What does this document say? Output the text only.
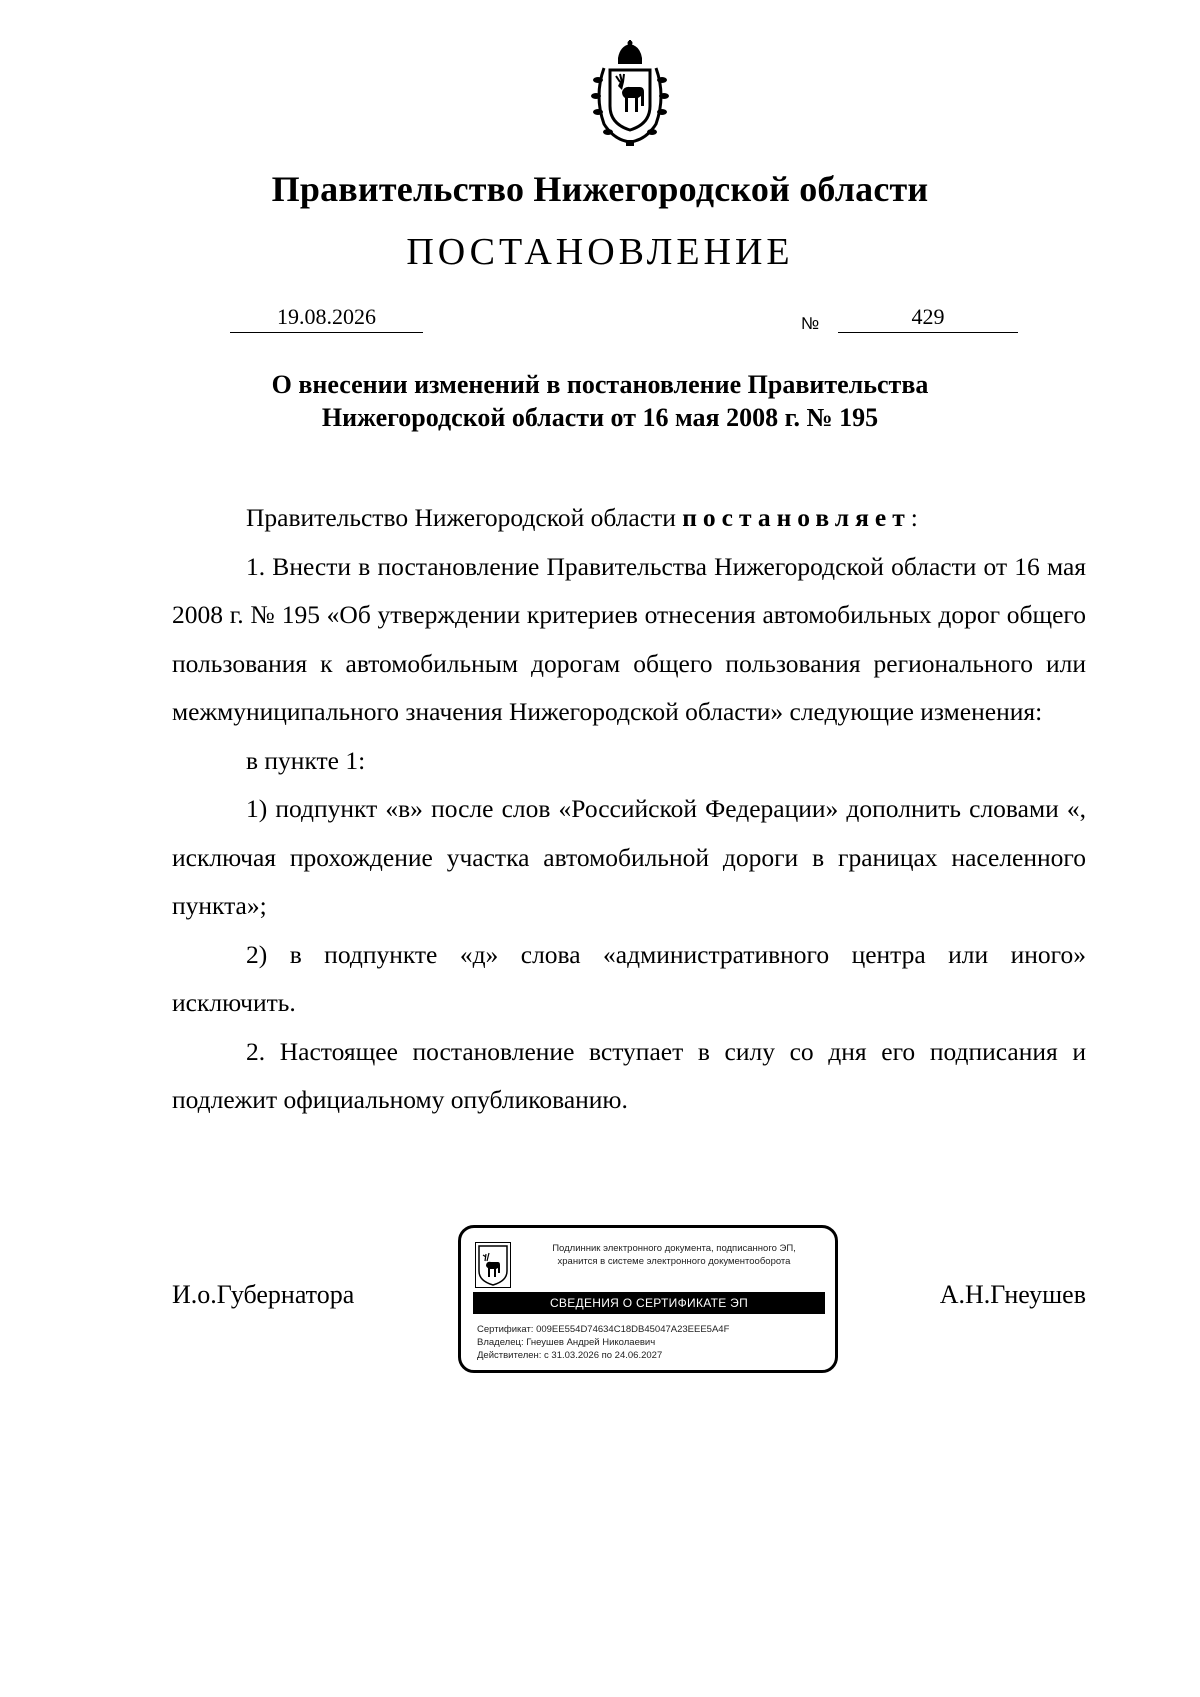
Правительство Нижегородской области
ПОСТАНОВЛЕНИЕ
19.08.2026	№	429
О внесении изменений в постановление Правительства
Нижегородской области от 16 мая 2008 г. № 195

Правительство Нижегородской области постановляет:

1. Внести в постановление Правительства Нижегородской области от 16 мая 2008 г. № 195 «Об утверждении критериев отнесения автомобильных дорог общего пользования к автомобильным дорогам общего пользования регионального или межмуниципального значения Нижегородской области» следующие изменения:

в пункте 1:

1) подпункт «в» после слов «Российской Федерации» дополнить словами «, исключая прохождение участка автомобильной дороги в границах населенного пункта»;

2) в подпункте «д» слова «административного центра или иного» исключить.

2. Настоящее постановление вступает в силу со дня его подписания и подлежит официальному опубликованию.

И.о.Губернатора	А.Н.Гнеушев
Подлинник электронного документа, подписанного ЭП,
хранится в системе электронного документооборота
СВЕДЕНИЯ О СЕРТИФИКАТЕ ЭП
Сертификат: 009EE554D74634C18DB45047A23EEE5A4F
Владелец: Гнеушев Андрей Николаевич
Действителен: с 31.03.2026 по 24.06.2027
